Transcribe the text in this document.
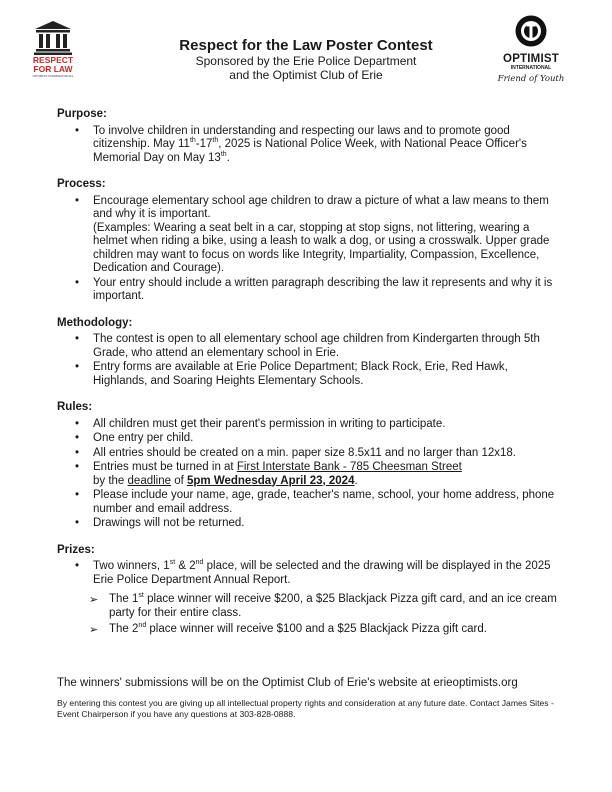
RESPECT
FOR LAW
OPTIMIST INTERNATIONAL
Respect for the Law Poster Contest
Sponsored by the Erie Police Department
and the Optimist Club of Erie
OPTIMIST
INTERNATIONAL
Friend of Youth
Purpose:
• To involve children in understanding and respecting our laws and to promote good citizenship. May 11th-17th, 2025 is National Police Week, with National Peace Officer's Memorial Day on May 13th.
Process:
• Encourage elementary school age children to draw a picture of what a law means to them and why it is important.
(Examples: Wearing a seat belt in a car, stopping at stop signs, not littering, wearing a helmet when riding a bike, using a leash to walk a dog, or using a crosswalk. Upper grade children may want to focus on words like Integrity, Impartiality, Compassion, Excellence, Dedication and Courage).
• Your entry should include a written paragraph describing the law it represents and why it is important.
Methodology:
• The contest is open to all elementary school age children from Kindergarten through 5th Grade, who attend an elementary school in Erie.
• Entry forms are available at Erie Police Department; Black Rock, Erie, Red Hawk, Highlands, and Soaring Heights Elementary Schools.
Rules:
• All children must get their parent's permission in writing to participate.
• One entry per child.
• All entries should be created on a min. paper size 8.5x11 and no larger than 12x18.
• Entries must be turned in at First Interstate Bank - 785 Cheesman Street
by the deadline of 5pm Wednesday April 23, 2024.
• Please include your name, age, grade, teacher's name, school, your home address, phone number and email address.
• Drawings will not be returned.
Prizes:
• Two winners, 1st & 2nd place, will be selected and the drawing will be displayed in the 2025 Erie Police Department Annual Report.
➢ The 1st place winner will receive $200, a $25 Blackjack Pizza gift card, and an ice cream party for their entire class.
➢ The 2nd place winner will receive $100 and a $25 Blackjack Pizza gift card.
The winners' submissions will be on the Optimist Club of Erie's website at erieoptimists.org
By entering this contest you are giving up all intellectual property rights and consideration at any future date. Contact James Sites - Event Chairperson if you have any questions at 303-828-0888.
